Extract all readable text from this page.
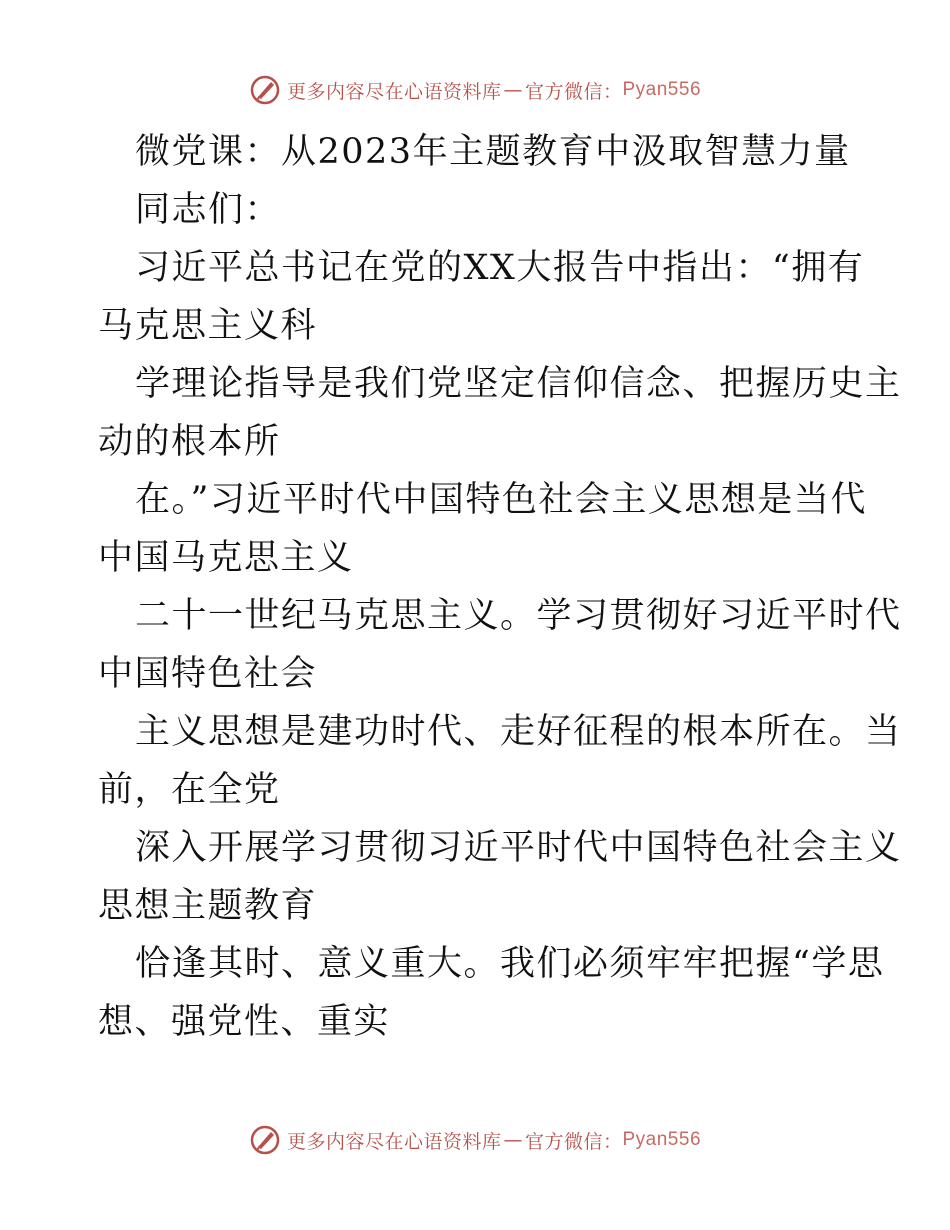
更多内容尽在心语资料库 — 官方微信： Pyan556
微党课：从2023年主题教育中汲取智慧力量
同志们：
习近平总书记在党的XX大报告中指出：“拥有
马克思主义科
学理论指导是我们党坚定信仰信念、把握历史主
动的根本所
在。”习近平时代中国特色社会主义思想是当代
中国马克思主义
二十一世纪马克思主义。学习贯彻好习近平时代
中国特色社会
主义思想是建功时代、走好征程的根本所在。当
前，在全党
深入开展学习贯彻习近平时代中国特色社会主义
思想主题教育
恰逢其时、意义重大。我们必须牢牢把握“学思
想、强党性、重实
更多内容尽在心语资料库 — 官方微信： Pyan556
